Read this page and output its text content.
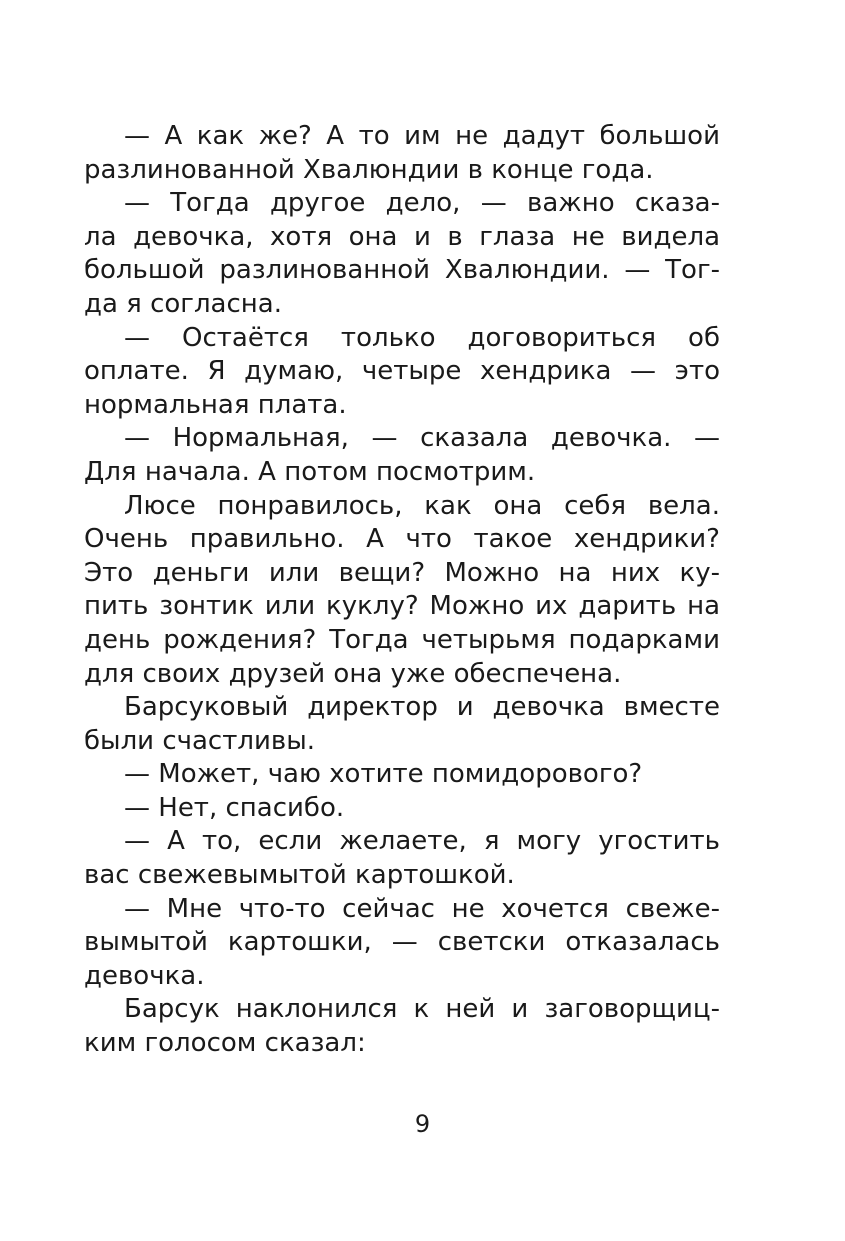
— А как же? А то им не дадут большой
разлинованной Хвалюндии в конце года.
— Тогда другое дело, — важно сказа-
ла девочка, хотя она и в глаза не видела
большой разлинованной Хвалюндии. — Тог-
да я согласна.
— Остаётся только договориться об
оплате. Я думаю, четыре хендрика — это
нормальная плата.
— Нормальная, — сказала девочка. —
Для начала. А потом посмотрим.
Люсе понравилось, как она себя вела.
Очень правильно. А что такое хендрики?
Это деньги или вещи? Можно на них ку-
пить зонтик или куклу? Можно их дарить на
день рождения? Тогда четырьмя подарками
для своих друзей она уже обеспечена.
Барсуковый директор и девочка вместе
были счастливы.
— Может, чаю хотите помидорового?
— Нет, спасибо.
— А то, если желаете, я могу угостить
вас свежевымытой картошкой.
— Мне что-то сейчас не хочется свеже-
вымытой картошки, — светски отказалась
девочка.
Барсук наклонился к ней и заговорщиц-
ким голосом сказал:
9
